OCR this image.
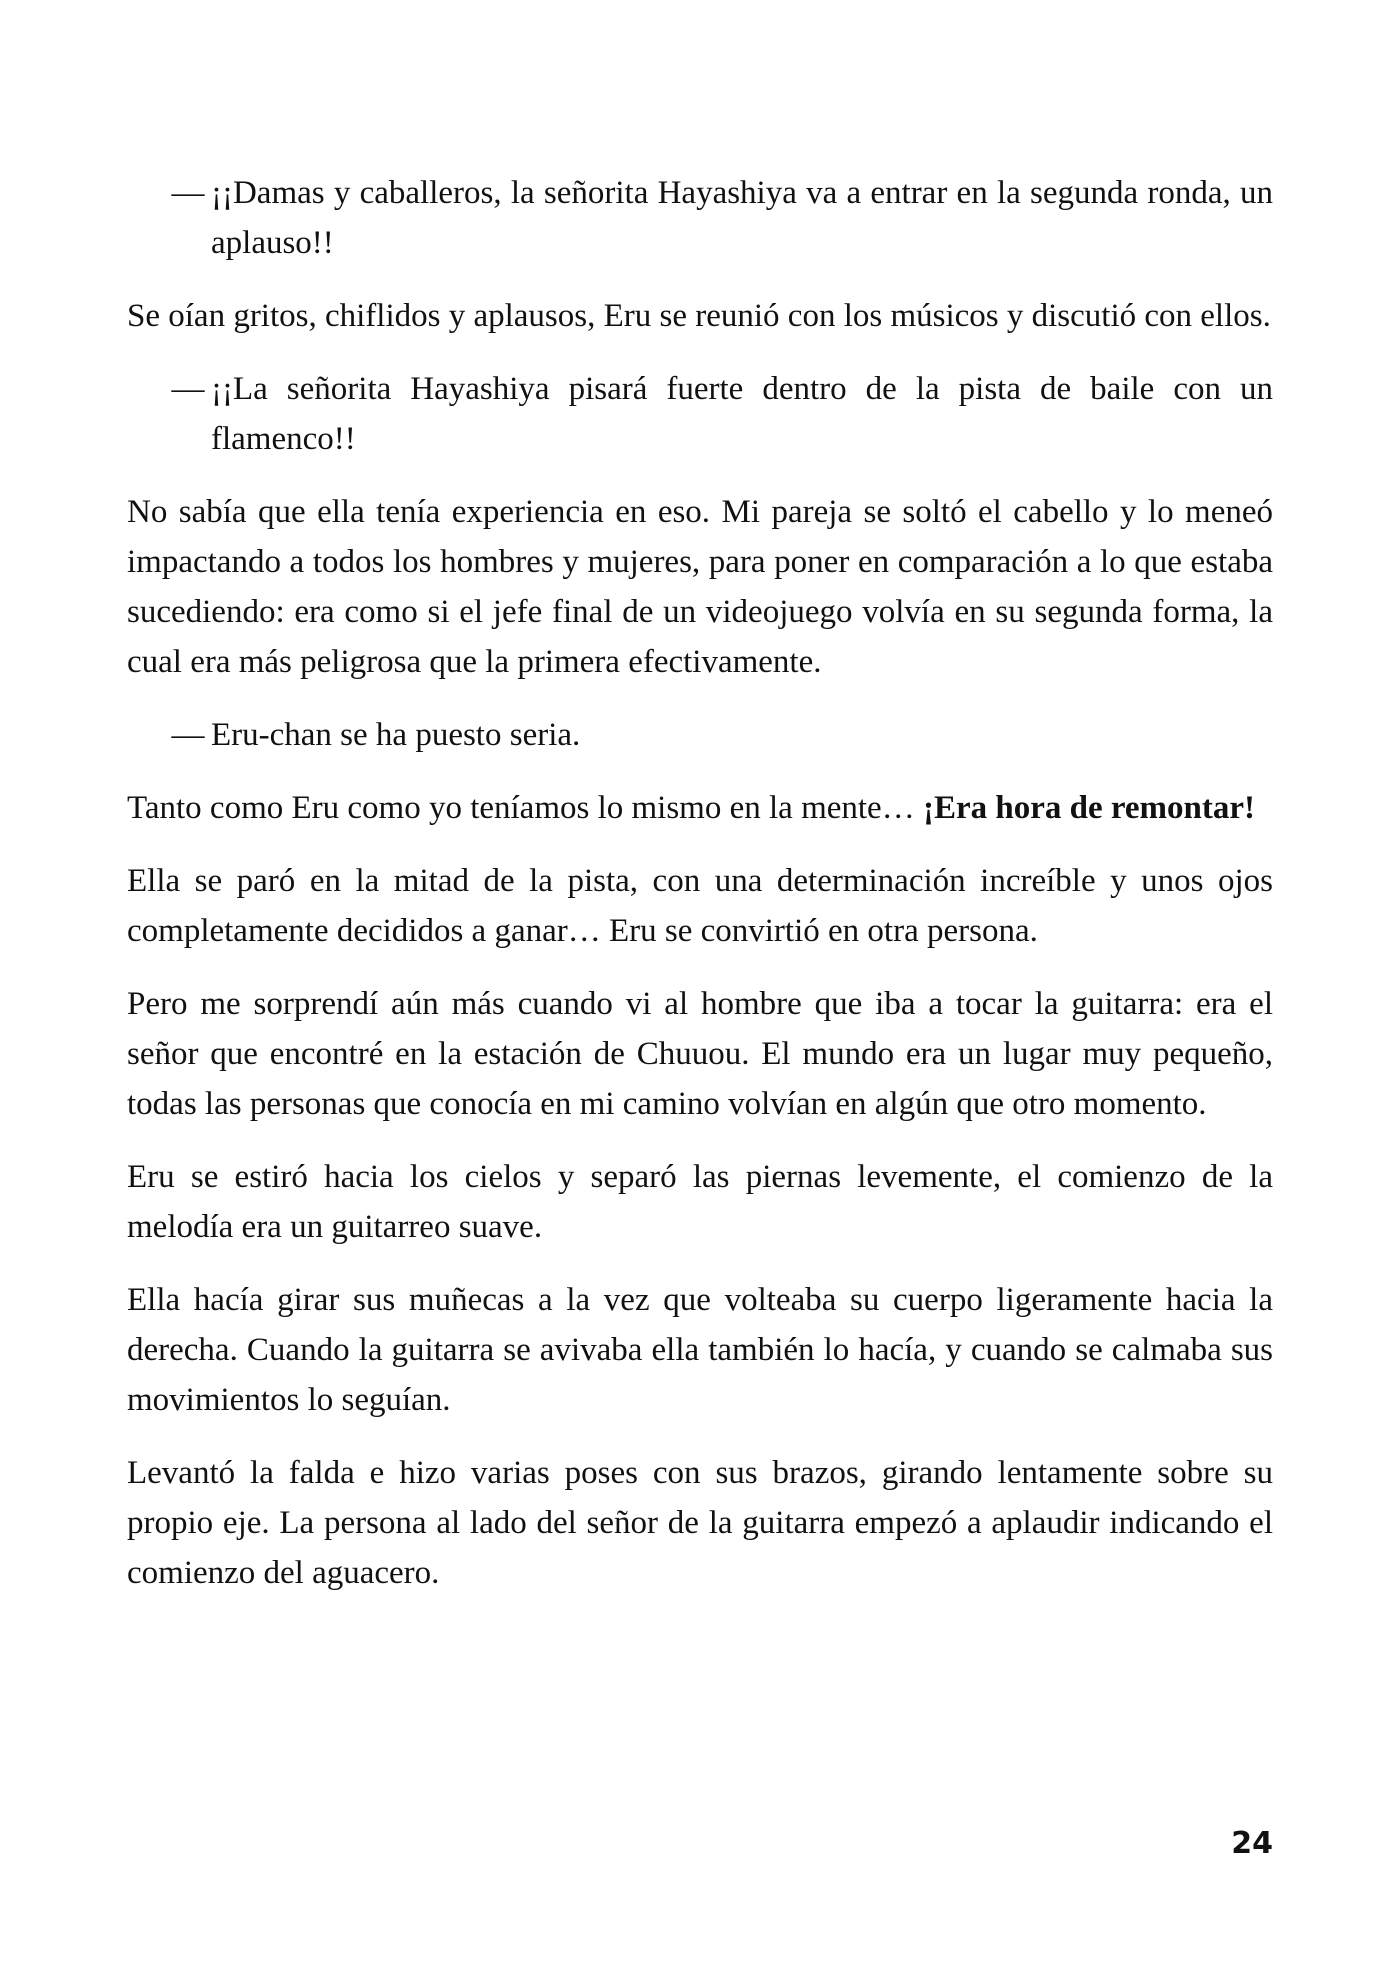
— ¡¡Damas y caballeros, la señorita Hayashiya va a entrar en la segunda ronda, un aplauso!!

Se oían gritos, chiflidos y aplausos, Eru se reunió con los músicos y discutió con ellos.

— ¡¡La señorita Hayashiya pisará fuerte dentro de la pista de baile con un flamenco!!

No sabía que ella tenía experiencia en eso. Mi pareja se soltó el cabello y lo meneó impactando a todos los hombres y mujeres, para poner en comparación a lo que estaba sucediendo: era como si el jefe final de un videojuego volvía en su segunda forma, la cual era más peligrosa que la primera efectivamente.

— Eru-chan se ha puesto seria.

Tanto como Eru como yo teníamos lo mismo en la mente… ¡Era hora de remontar!

Ella se paró en la mitad de la pista, con una determinación increíble y unos ojos completamente decididos a ganar… Eru se convirtió en otra persona.

Pero me sorprendí aún más cuando vi al hombre que iba a tocar la guitarra: era el señor que encontré en la estación de Chuuou. El mundo era un lugar muy pequeño, todas las personas que conocía en mi camino volvían en algún que otro momento.

Eru se estiró hacia los cielos y separó las piernas levemente, el comienzo de la melodía era un guitarreo suave.

Ella hacía girar sus muñecas a la vez que volteaba su cuerpo ligeramente hacia la derecha. Cuando la guitarra se avivaba ella también lo hacía, y cuando se calmaba sus movimientos lo seguían.

Levantó la falda e hizo varias poses con sus brazos, girando lentamente sobre su propio eje. La persona al lado del señor de la guitarra empezó a aplaudir indicando el comienzo del aguacero.

24
